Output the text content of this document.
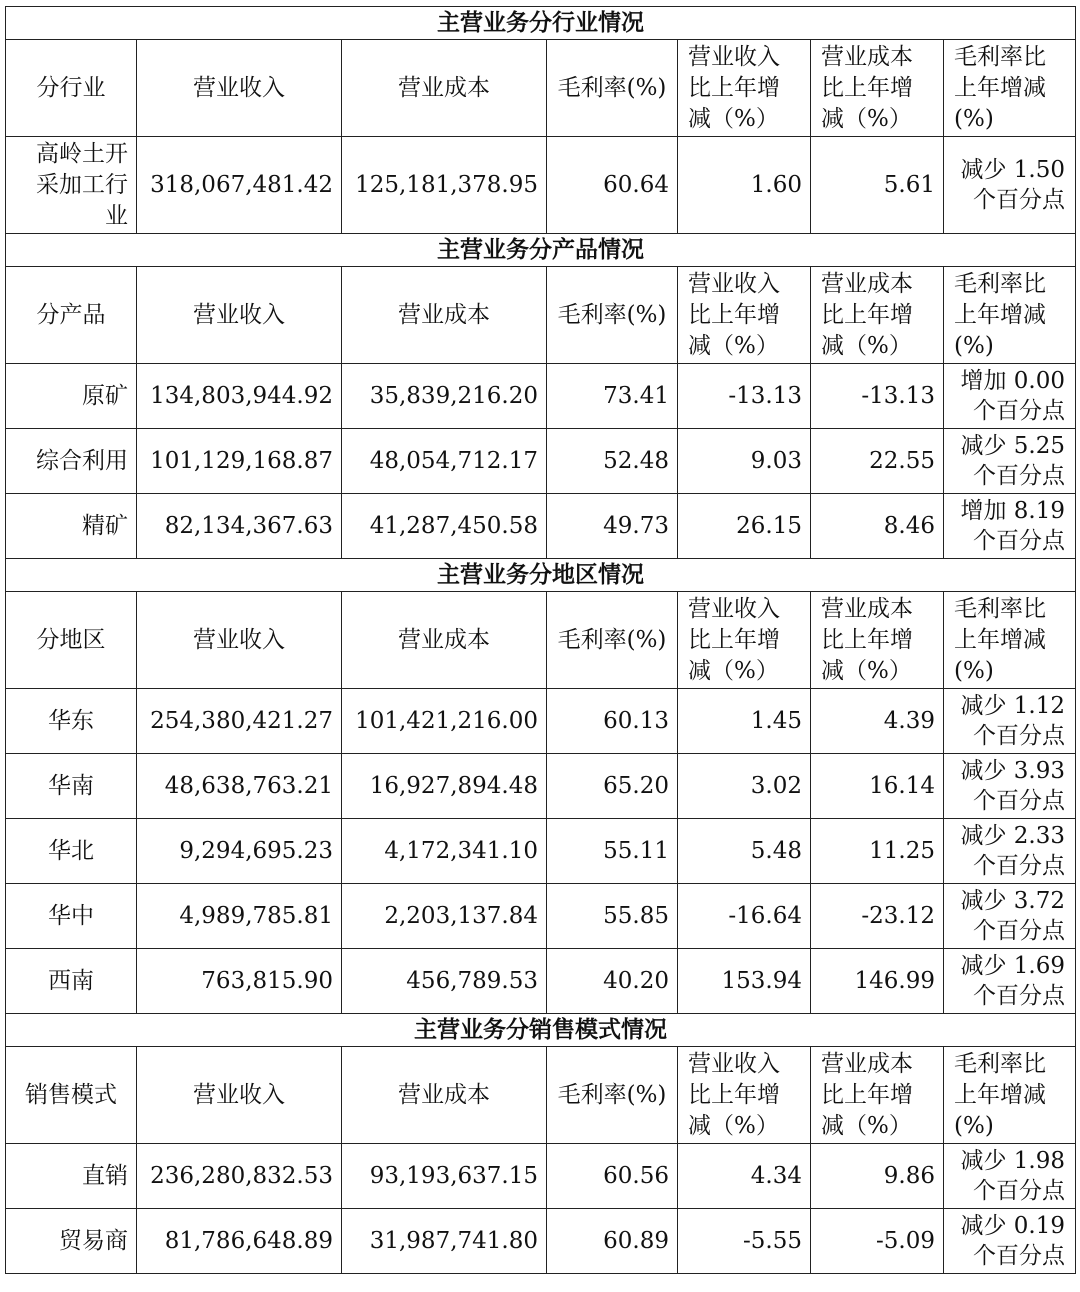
主营业务分行业情况						
分行业	营业收入	营业成本	毛利率(%)	营业收入比上年增减（%）	营业成本比上年增减（%）	毛利率比上年增减(%)
高岭土开采加工行业	318,067,481.42	125,181,378.95	60.64	1.60	5.61	减少 1.50 个百分点
主营业务分产品情况						
分产品	营业收入	营业成本	毛利率(%)	营业收入比上年增减（%）	营业成本比上年增减（%）	毛利率比上年增减(%)
原矿	134,803,944.92	35,839,216.20	73.41	-13.13	-13.13	增加 0.00 个百分点
综合利用	101,129,168.87	48,054,712.17	52.48	9.03	22.55	减少 5.25 个百分点
精矿	82,134,367.63	41,287,450.58	49.73	26.15	8.46	增加 8.19 个百分点
主营业务分地区情况						
分地区	营业收入	营业成本	毛利率(%)	营业收入比上年增减（%）	营业成本比上年增减（%）	毛利率比上年增减(%)
华东	254,380,421.27	101,421,216.00	60.13	1.45	4.39	减少 1.12 个百分点
华南	48,638,763.21	16,927,894.48	65.20	3.02	16.14	减少 3.93 个百分点
华北	9,294,695.23	4,172,341.10	55.11	5.48	11.25	减少 2.33 个百分点
华中	4,989,785.81	2,203,137.84	55.85	-16.64	-23.12	减少 3.72 个百分点
西南	763,815.90	456,789.53	40.20	153.94	146.99	减少 1.69 个百分点
主营业务分销售模式情况						
销售模式	营业收入	营业成本	毛利率(%)	营业收入比上年增减（%）	营业成本比上年增减（%）	毛利率比上年增减(%)
直销	236,280,832.53	93,193,637.15	60.56	4.34	9.86	减少 1.98 个百分点
贸易商	81,786,648.89	31,987,741.80	60.89	-5.55	-5.09	减少 0.19 个百分点
